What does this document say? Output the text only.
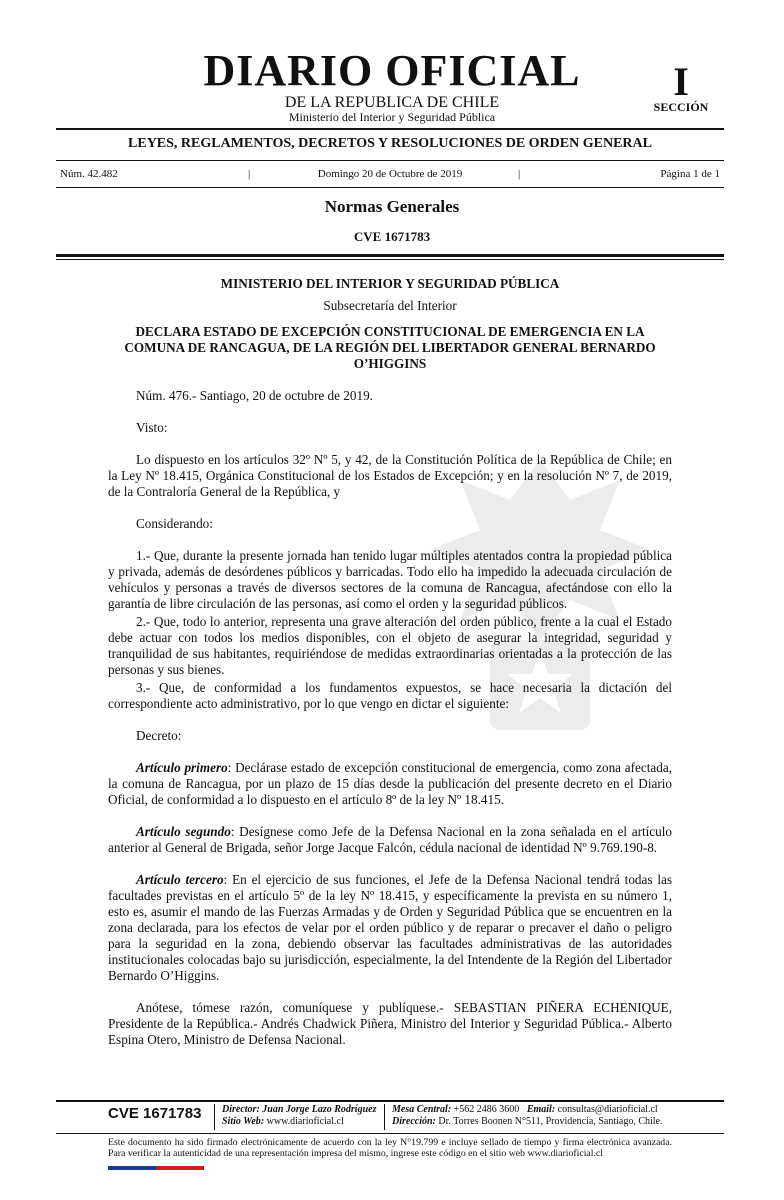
DIARIO OFICIAL
DE LA REPUBLICA DE CHILE
Ministerio del Interior y Seguridad Pública
I
SECCIÓN
LEYES, REGLAMENTOS, DECRETOS Y RESOLUCIONES DE ORDEN GENERAL
Núm. 42.482	|	Domingo 20 de Octubre de 2019	|	Página 1 de 1
Normas Generales
CVE 1671783

MINISTERIO DEL INTERIOR Y SEGURIDAD PÚBLICA

Subsecretaría del Interior

DECLARA ESTADO DE EXCEPCIÓN CONSTITUCIONAL DE EMERGENCIA EN LA COMUNA DE RANCAGUA, DE LA REGIÓN DEL LIBERTADOR GENERAL BERNARDO O’HIGGINS

Núm. 476.- Santiago, 20 de octubre de 2019.

Visto:

Lo dispuesto en los artículos 32º Nº 5, y 42, de la Constitución Política de la República de Chile; en la Ley Nº 18.415, Orgánica Constitucional de los Estados de Excepción; y en la resolución Nº 7, de 2019, de la Contraloría General de la República, y

Considerando:

1.- Que, durante la presente jornada han tenido lugar múltiples atentados contra la propiedad pública y privada, además de desórdenes públicos y barricadas. Todo ello ha impedido la adecuada circulación de vehículos y personas a través de diversos sectores de la comuna de Rancagua, afectándose con ello la garantía de libre circulación de las personas, así como el orden y la seguridad públicos.

2.- Que, todo lo anterior, representa una grave alteración del orden público, frente a la cual el Estado debe actuar con todos los medios disponibles, con el objeto de asegurar la integridad, seguridad y tranquilidad de sus habitantes, requiriéndose de medidas extraordinarias orientadas a la protección de las personas y sus bienes.

3.- Que, de conformidad a los fundamentos expuestos, se hace necesaria la dictación del correspondiente acto administrativo, por lo que vengo en dictar el siguiente:

Decreto:

Artículo primero: Declárase estado de excepción constitucional de emergencia, como zona afectada, la comuna de Rancagua, por un plazo de 15 días desde la publicación del presente decreto en el Diario Oficial, de conformidad a lo dispuesto en el artículo 8º de la ley Nº 18.415.

Artículo segundo: Desígnese como Jefe de la Defensa Nacional en la zona señalada en el artículo anterior al General de Brigada, señor Jorge Jacque Falcón, cédula nacional de identidad Nº 9.769.190-8.

Artículo tercero: En el ejercicio de sus funciones, el Jefe de la Defensa Nacional tendrá todas las facultades previstas en el artículo 5º de la ley Nº 18.415, y específicamente la prevista en su número 1, esto es, asumir el mando de las Fuerzas Armadas y de Orden y Seguridad Pública que se encuentren en la zona declarada, para los efectos de velar por el orden público y de reparar o precaver el daño o peligro para la seguridad en la zona, debiendo observar las facultades administrativas de las autoridades institucionales colocadas bajo su jurisdicción, especialmente, la del Intendente de la Región del Libertador Bernardo O’Higgins.

Anótese, tómese razón, comuníquese y publíquese.- SEBASTIAN PIÑERA ECHENIQUE, Presidente de la República.- Andrés Chadwick Piñera, Ministro del Interior y Seguridad Pública.- Alberto Espina Otero, Ministro de Defensa Nacional.

CVE 1671783 Director: Juan Jorge Lazo Rodríguez
Sitio Web: www.diarioficial.cl
Mesa Central: +562 2486 3600 Email: consultas@diarioficial.cl
Dirección: Dr. Torres Boonen N°511, Providencia, Santiago, Chile.
Este documento ha sido firmado electrónicamente de acuerdo con la ley N°19.799 e incluye sellado de tiempo y firma electrónica avanzada. Para verificar la autenticidad de una representación impresa del mismo, ingrese este código en el sitio web www.diarioficial.cl
